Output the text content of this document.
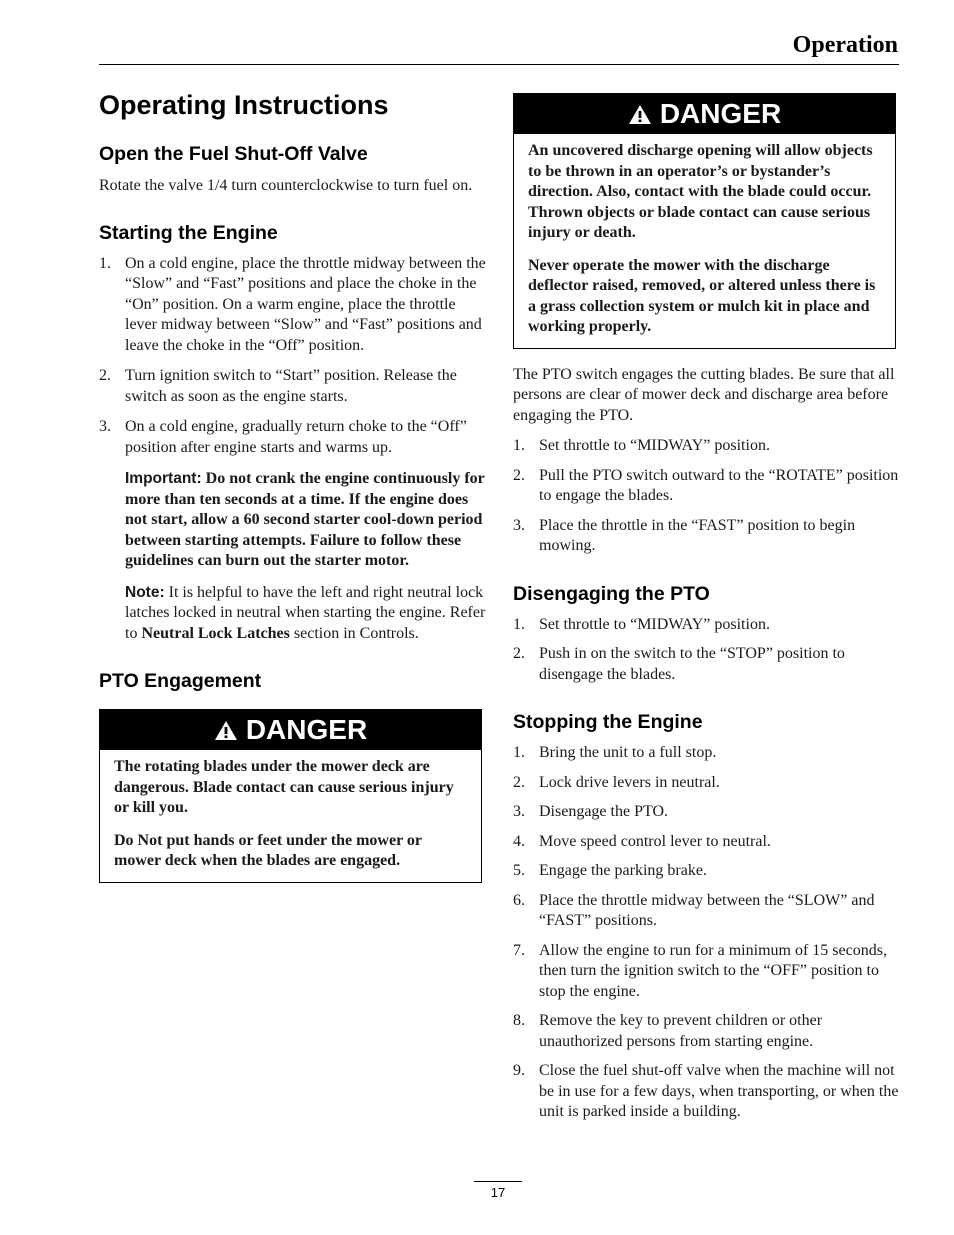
Operation
Operating Instructions
Open the Fuel Shut-Off Valve

Rotate the valve 1/4 turn counterclockwise to turn fuel on.

Starting the Engine
1. On a cold engine, place the throttle midway between the “Slow” and “Fast” positions and place the choke in the “On” position. On a warm engine, place the throttle lever midway between “Slow” and “Fast” positions and leave the choke in the “Off” position.
2. Turn ignition switch to “Start” position. Release the switch as soon as the engine starts.
3. On a cold engine, gradually return choke to the “Off” position after engine starts and warms up.
Important: Do not crank the engine continuously for more than ten seconds at a time. If the engine does not start, allow a 60 second starter cool-down period between starting attempts. Failure to follow these guidelines can burn out the starter motor.
Note: It is helpful to have the left and right neutral lock latches locked in neutral when starting the engine. Refer to Neutral Lock Latches section in Controls.
PTO Engagement
DANGER

The rotating blades under the mower deck are dangerous. Blade contact can cause serious injury or kill you.

Do Not put hands or feet under the mower or mower deck when the blades are engaged.

DANGER

An uncovered discharge opening will allow objects to be thrown in an operator’s or bystander’s direction. Also, contact with the blade could occur. Thrown objects or blade contact can cause serious injury or death.

Never operate the mower with the discharge deflector raised, removed, or altered unless there is a grass collection system or mulch kit in place and working properly.

The PTO switch engages the cutting blades. Be sure that all persons are clear of mower deck and discharge area before engaging the PTO.

1. Set throttle to “MIDWAY” position.
2. Pull the PTO switch outward to the “ROTATE” position to engage the blades.
3. Place the throttle in the “FAST” position to begin mowing.
Disengaging the PTO
1. Set throttle to “MIDWAY” position.
2. Push in on the switch to the “STOP” position to disengage the blades.
Stopping the Engine
1. Bring the unit to a full stop.
2. Lock drive levers in neutral.
3. Disengage the PTO.
4. Move speed control lever to neutral.
5. Engage the parking brake.
6. Place the throttle midway between the “SLOW” and “FAST” positions.
7. Allow the engine to run for a minimum of 15 seconds, then turn the ignition switch to the “OFF” position to stop the engine.
8. Remove the key to prevent children or other unauthorized persons from starting engine.
9. Close the fuel shut-off valve when the machine will not be in use for a few days, when transporting, or when the unit is parked inside a building.
17
